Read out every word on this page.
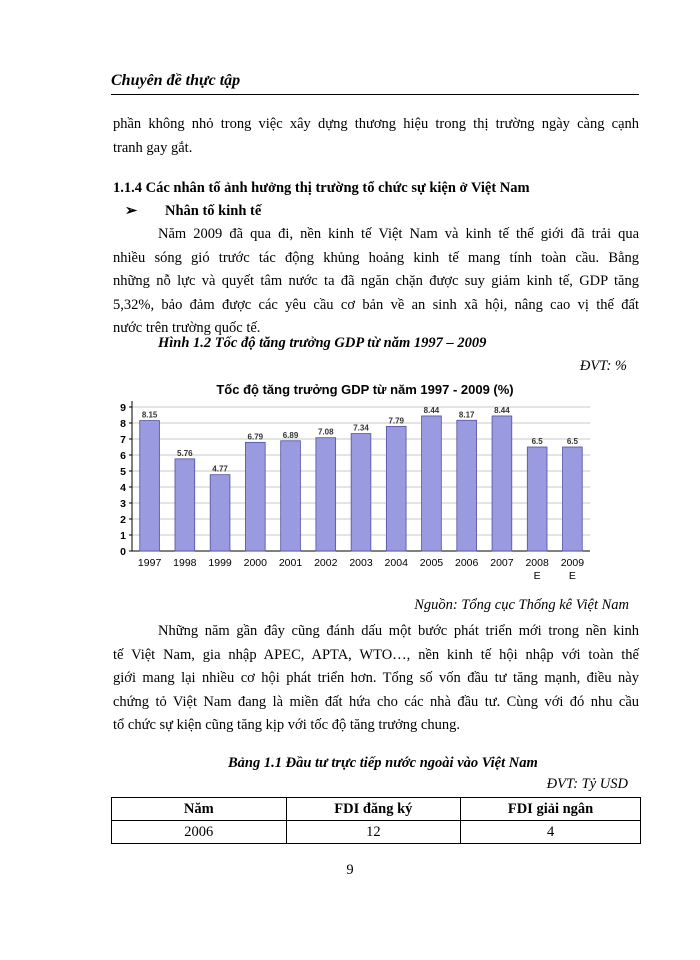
Chuyên đề thực tập
phần không nhỏ trong việc xây dựng thương hiệu trong thị trường ngày càng cạnh
tranh gay gắt.
1.1.4 Các nhân tố ảnh hưởng thị trường tổ chức sự kiện ở Việt Nam
➢ Nhân tố kinh tế
Năm 2009 đã qua đi, nền kinh tế Việt Nam và kinh tế thế giới đã trải qua
nhiều sóng gió trước tác động khủng hoảng kinh tế mang tính toàn cầu. Bằng
những nỗ lực và quyết tâm nước ta đã ngăn chặn được suy giảm kinh tế, GDP tăng
5,32%, bảo đảm được các yêu cầu cơ bản về an sinh xã hội, nâng cao vị thế đất
nước trên trường quốc tế.
Hình 1.2 Tốc độ tăng trưởng GDP từ năm 1997 – 2009
ĐVT: %
Tốc độ tăng trưởng GDP từ năm 1997 - 2009 (%)
0
1
2
3
4
5
6
7
8
9
8.15
1997
5.76
1998
4.77
1999
6.79
2000
6.89
2001
7.08
2002
7.34
2003
7.79
2004
8.44
2005
8.17
2006
8.44
2007
6.5
2008 E
6.5
2009 E
Nguồn: Tổng cục Thống kê Việt Nam
Những năm gần đây cũng đánh dấu một bước phát triển mới trong nền kinh
tế Việt Nam, gia nhập APEC, APTA, WTO…, nền kinh tế hội nhập với toàn thế
giới mang lại nhiều cơ hội phát triển hơn. Tổng số vốn đầu tư tăng mạnh, điều này
chứng tỏ Việt Nam đang là miền đất hứa cho các nhà đầu tư. Cùng với đó nhu cầu
tổ chức sự kiện cũng tăng kịp với tốc độ tăng trưởng chung.
Bảng 1.1 Đầu tư trực tiếp nước ngoài vào Việt Nam
ĐVT: Tỷ USD
Năm	FDI đăng ký	FDI giải ngân
2006	12	4
9
